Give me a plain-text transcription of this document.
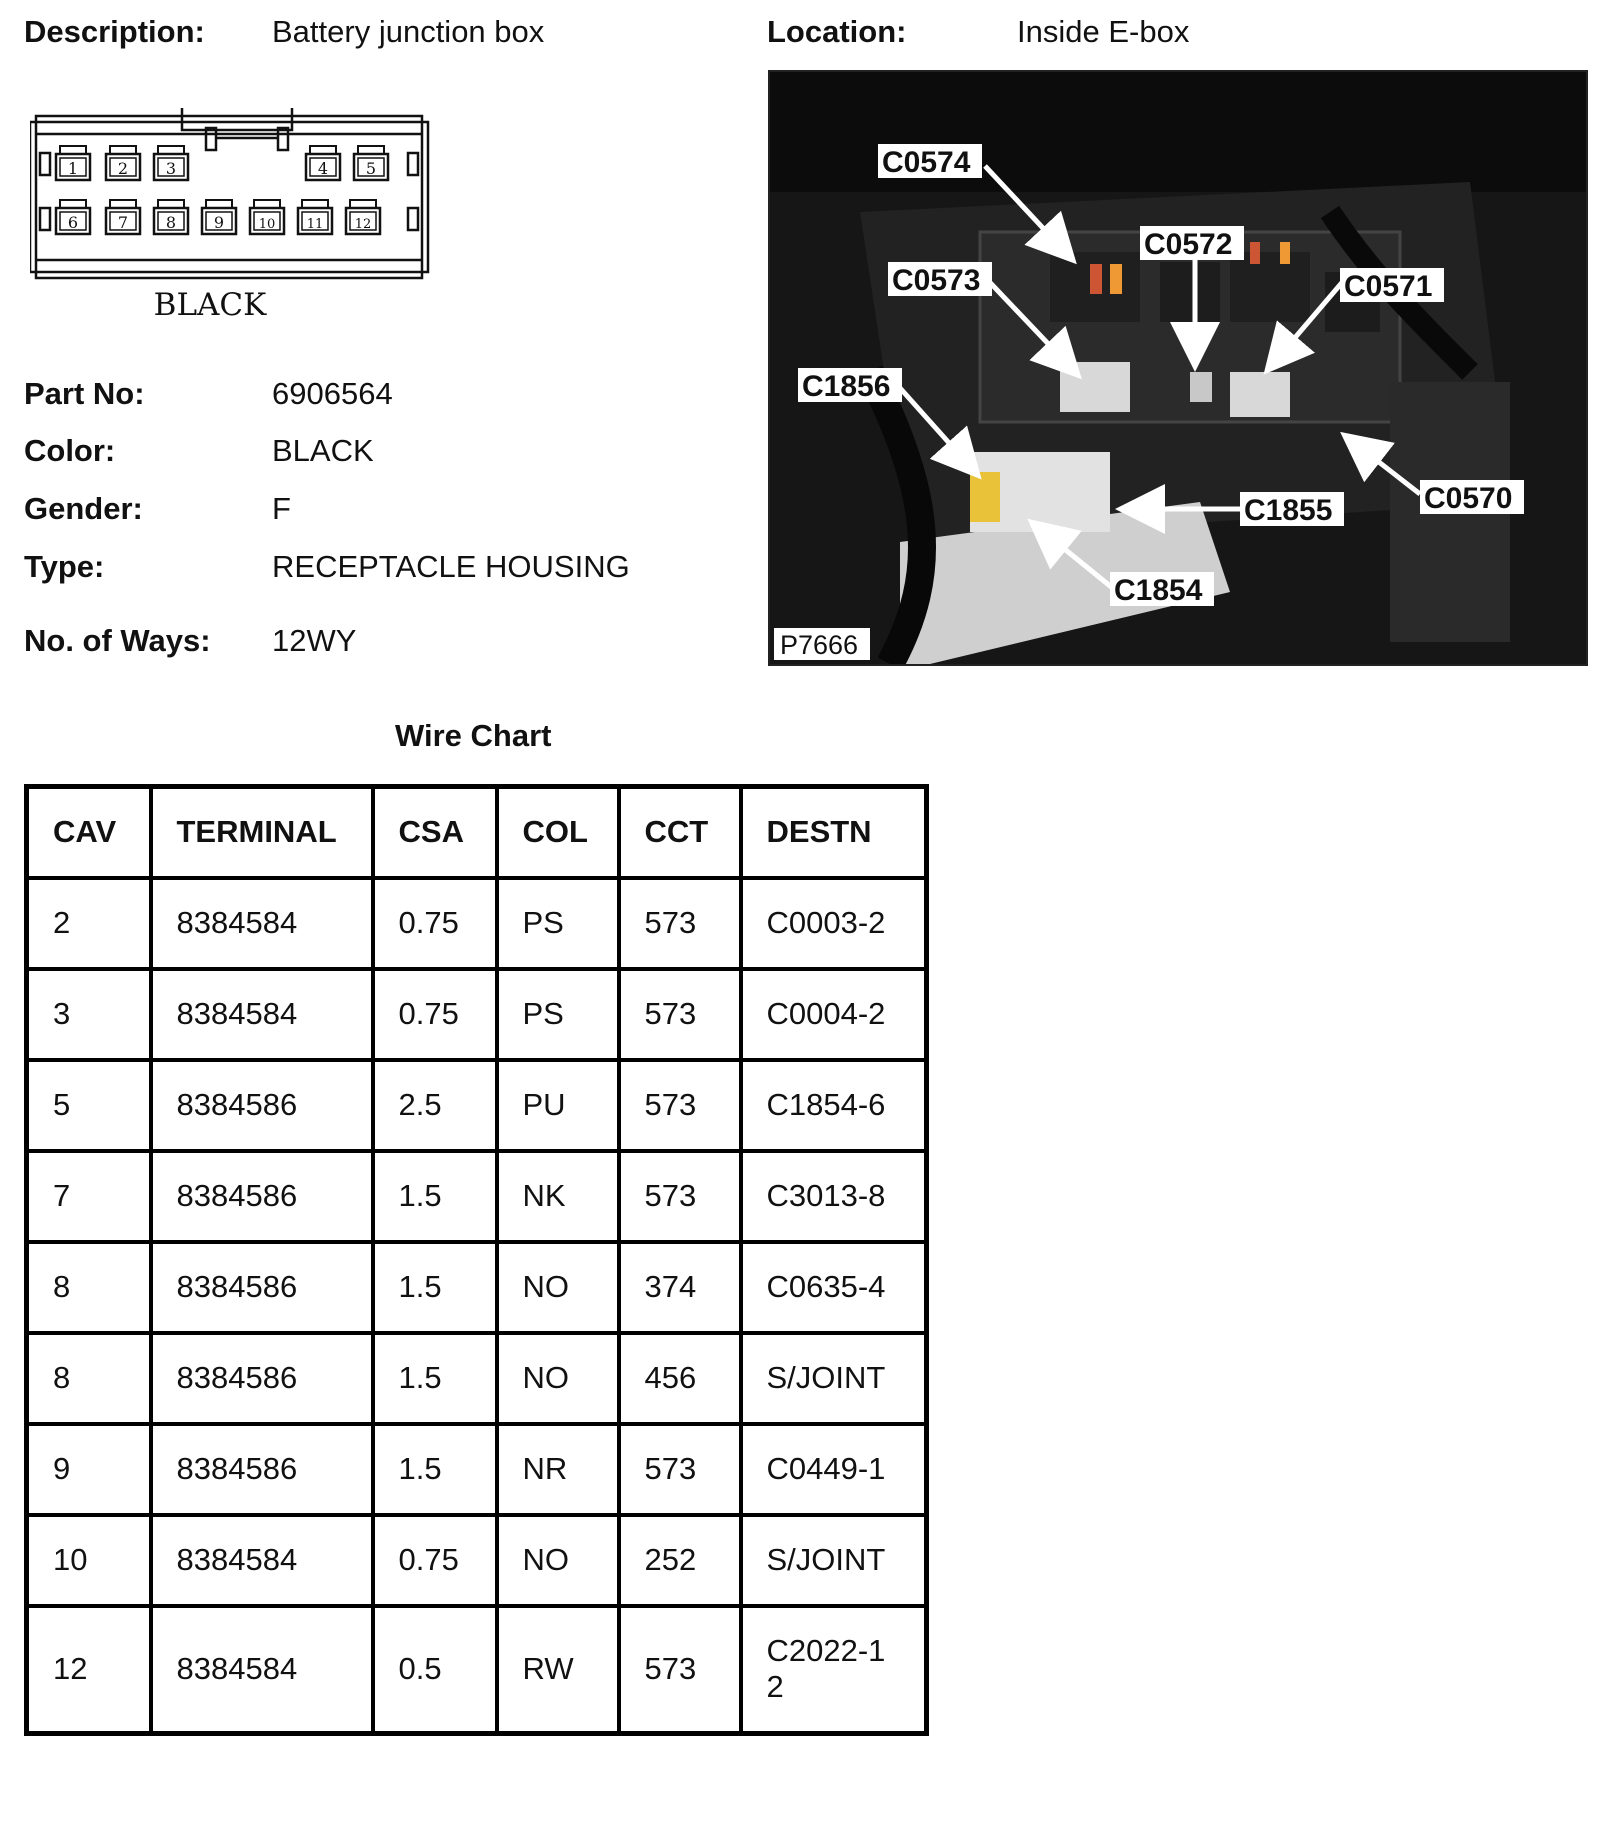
Description: Battery junction box	Location:	Inside E-box
1 2 3	4 5
6 7 8 9	10 11 12
BLACK
Part No:	6906564
Color:	BLACK
Gender:	F
Type:	RECEPTACLE HOUSING
No. of Ways: 12WY
C0574
C0572
C0573	C0571
C1856
C0570
C1855
C1854
P7666
Wire Chart
CAV	TERMINAL	CSA	COL	CCT	DESTN
2	8384584	0.75	PS	573	C0003-2
3	8384584	0.75	PS	573	C0004-2
5	8384586	2.5	PU	573	C1854-6
7	8384586	1.5	NK	573	C3013-8
8	8384586	1.5	NO	374	C0635-4
8	8384586	1.5	NO	456	S/JOINT
9	8384586	1.5	NR	573	C0449-1
10	8384584	0.75	NO	252	S/JOINT
12	8384584	0.5	RW	573	C2022-12
